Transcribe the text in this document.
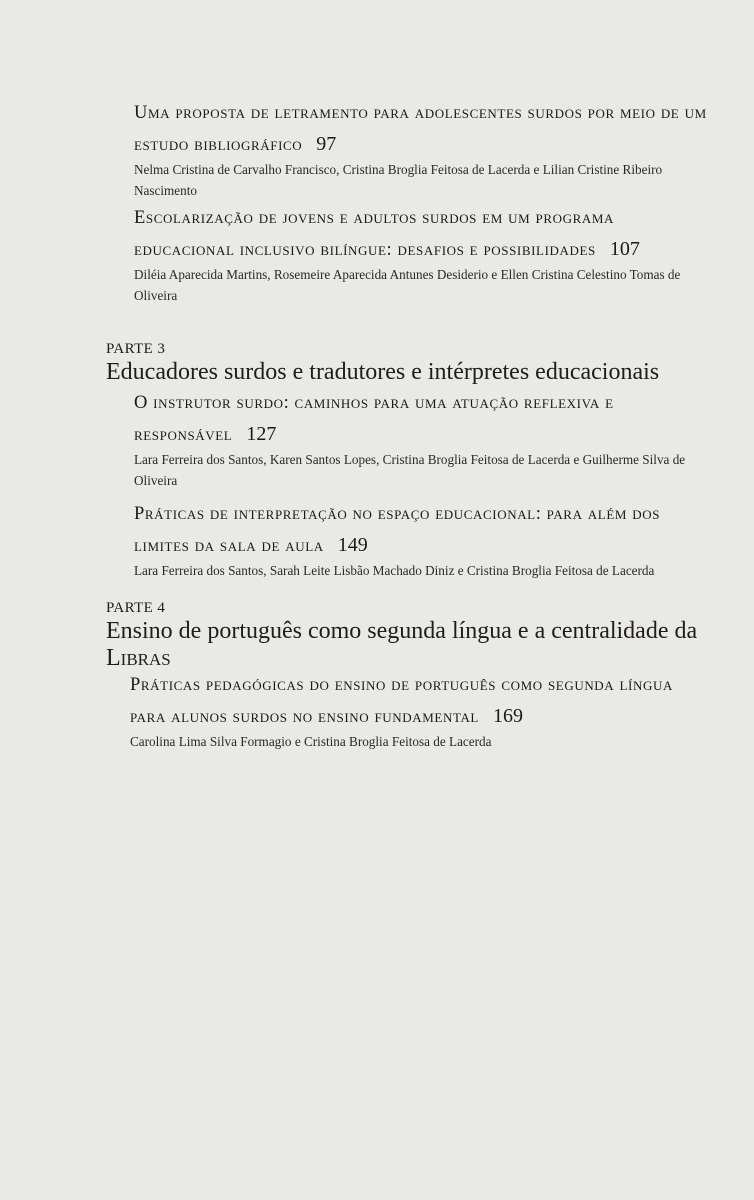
Uma proposta de letramento para adolescentes surdos por meio de um estudo bibliográfico 97
Nelma Cristina de Carvalho Francisco, Cristina Broglia Feitosa de Lacerda e Lilian Cristine Ribeiro Nascimento
Escolarização de jovens e adultos surdos em um programa educacional inclusivo bilíngue: desafios e possibilidades 107
Diléia Aparecida Martins, Rosemeire Aparecida Antunes Desiderio e Ellen Cristina Celestino Tomas de Oliveira
PARTE 3
Educadores surdos e tradutores e intérpretes educacionais
O instrutor surdo: caminhos para uma atuação reflexiva e responsável 127
Lara Ferreira dos Santos, Karen Santos Lopes, Cristina Broglia Feitosa de Lacerda e Guilherme Silva de Oliveira
Práticas de interpretação no espaço educacional: para além dos limites da sala de aula 149
Lara Ferreira dos Santos, Sarah Leite Lisbão Machado Diniz e Cristina Broglia Feitosa de Lacerda
PARTE 4
Ensino de português como segunda língua e a centralidade da Libras
Práticas pedagógicas do ensino de português como segunda língua para alunos surdos no ensino fundamental 169
Carolina Lima Silva Formagio e Cristina Broglia Feitosa de Lacerda
